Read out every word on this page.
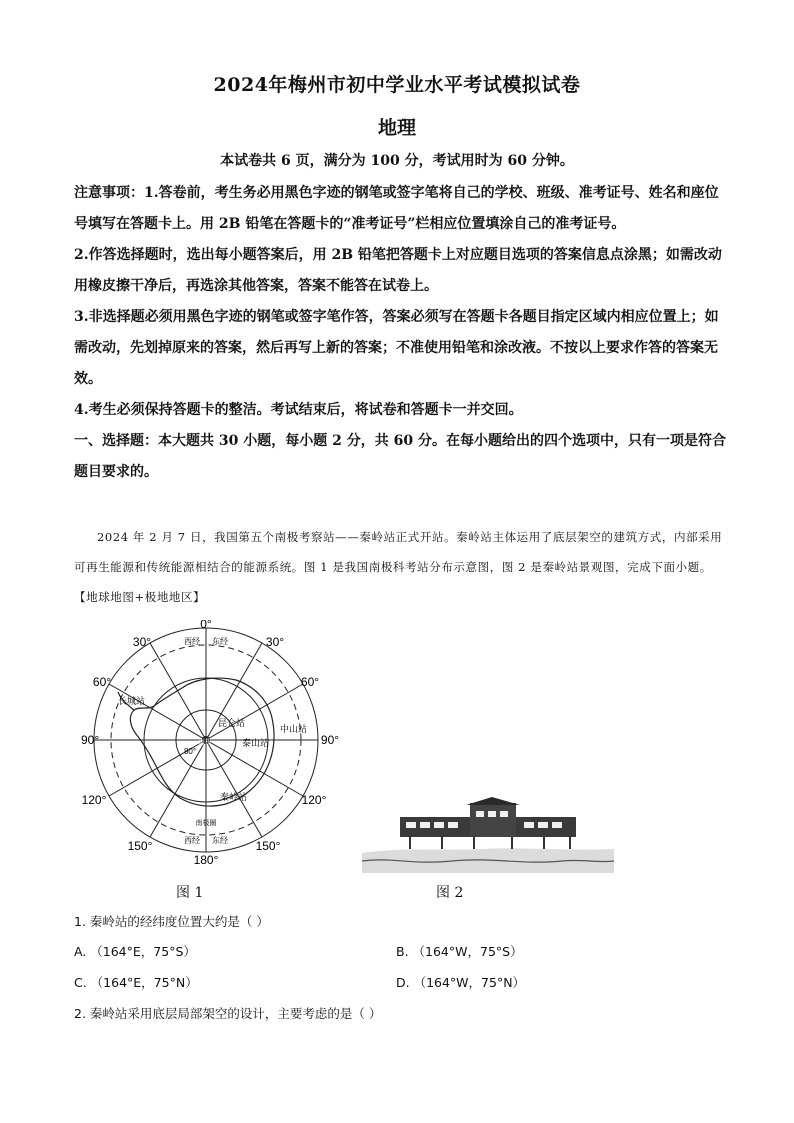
2024年梅州市初中学业水平考试模拟试卷
地理
本试卷共 6 页，满分为 100 分，考试用时为 60 分钟。

注意事项：1.答卷前，考生务必用黑色字迹的钢笔或签字笔将自己的学校、班级、准考证号、姓名和座位号填写在答题卡上。用 2B 铅笔在答题卡的“准考证号”栏相应位置填涂自己的准考证号。

2.作答选择题时，选出每小题答案后，用 2B 铅笔把答题卡上对应题目选项的答案信息点涂黑；如需改动用橡皮擦干净后，再选涂其他答案，答案不能答在试卷上。

3.非选择题必须用黑色字迹的钢笔或签字笔作答，答案必须写在答题卡各题目指定区域内相应位置上；如需改动，先划掉原来的答案，然后再写上新的答案；不准使用铅笔和涂改液。不按以上要求作答的答案无效。

4.考生必须保持答题卡的整洁。考试结束后，将试卷和答题卡一并交回。

一、选择题：本大题共 30 小题，每小题 2 分，共 60 分。在每小题给出的四个选项中，只有一项是符合题目要求的。

2024 年 2 月 7 日，我国第五个南极考察站——秦岭站正式开站。秦岭站主体运用了底层架空的建筑方式，内部采用可再生能源和传统能源相结合的能源系统。图 1 是我国南极科考站分布示意图，图 2 是秦岭站景观图，完成下面小题。【地球地图+极地地区】

0°
30°	30°
60°	60°
90°	90°
120°	120°
150°	150°
180°
80°
西经 东经
西经 东经
南极圈
长城站
昆仑站
中山站
泰山站
秦岭站
南极
图 1	图 2
1. 秦岭站的经纬度位置大约是（ ）
A. （164°E，75°S）	B. （164°W，75°S）
C. （164°E，75°N）	D. （164°W，75°N）
2. 秦岭站采用底层局部架空的设计，主要考虑的是（ ）
